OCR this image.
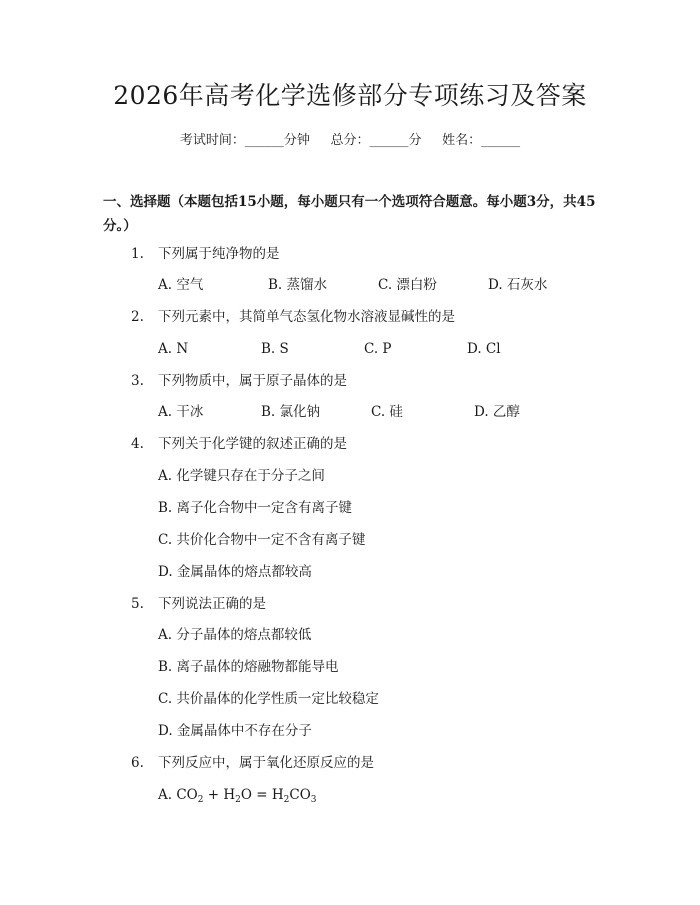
2026年高考化学选修部分专项练习及答案
考试时间：______分钟     总分：______分     姓名：______
一、选择题（本题包括15小题，每小题只有一个选项符合题意。每小题3分，共45分。）
1. 下列属于纯净物的是
A. 空气	B. 蒸馏水	C. 漂白粉	D. 石灰水
2. 下列元素中，其简单气态氢化物水溶液显碱性的是
A. N	B. S	C. P	D. Cl
3. 下列物质中，属于原子晶体的是
A. 干冰	B. 氯化钠	C. 硅	D. 乙醇
4. 下列关于化学键的叙述正确的是
A. 化学键只存在于分子之间
B. 离子化合物中一定含有离子键
C. 共价化合物中一定不含有离子键
D. 金属晶体的熔点都较高
5. 下列说法正确的是
A. 分子晶体的熔点都较低
B. 离子晶体的熔融物都能导电
C. 共价晶体的化学性质一定比较稳定
D. 金属晶体中不存在分子
6. 下列反应中，属于氧化还原反应的是
A. $CO_2 + H_2O = H_2CO_3$
